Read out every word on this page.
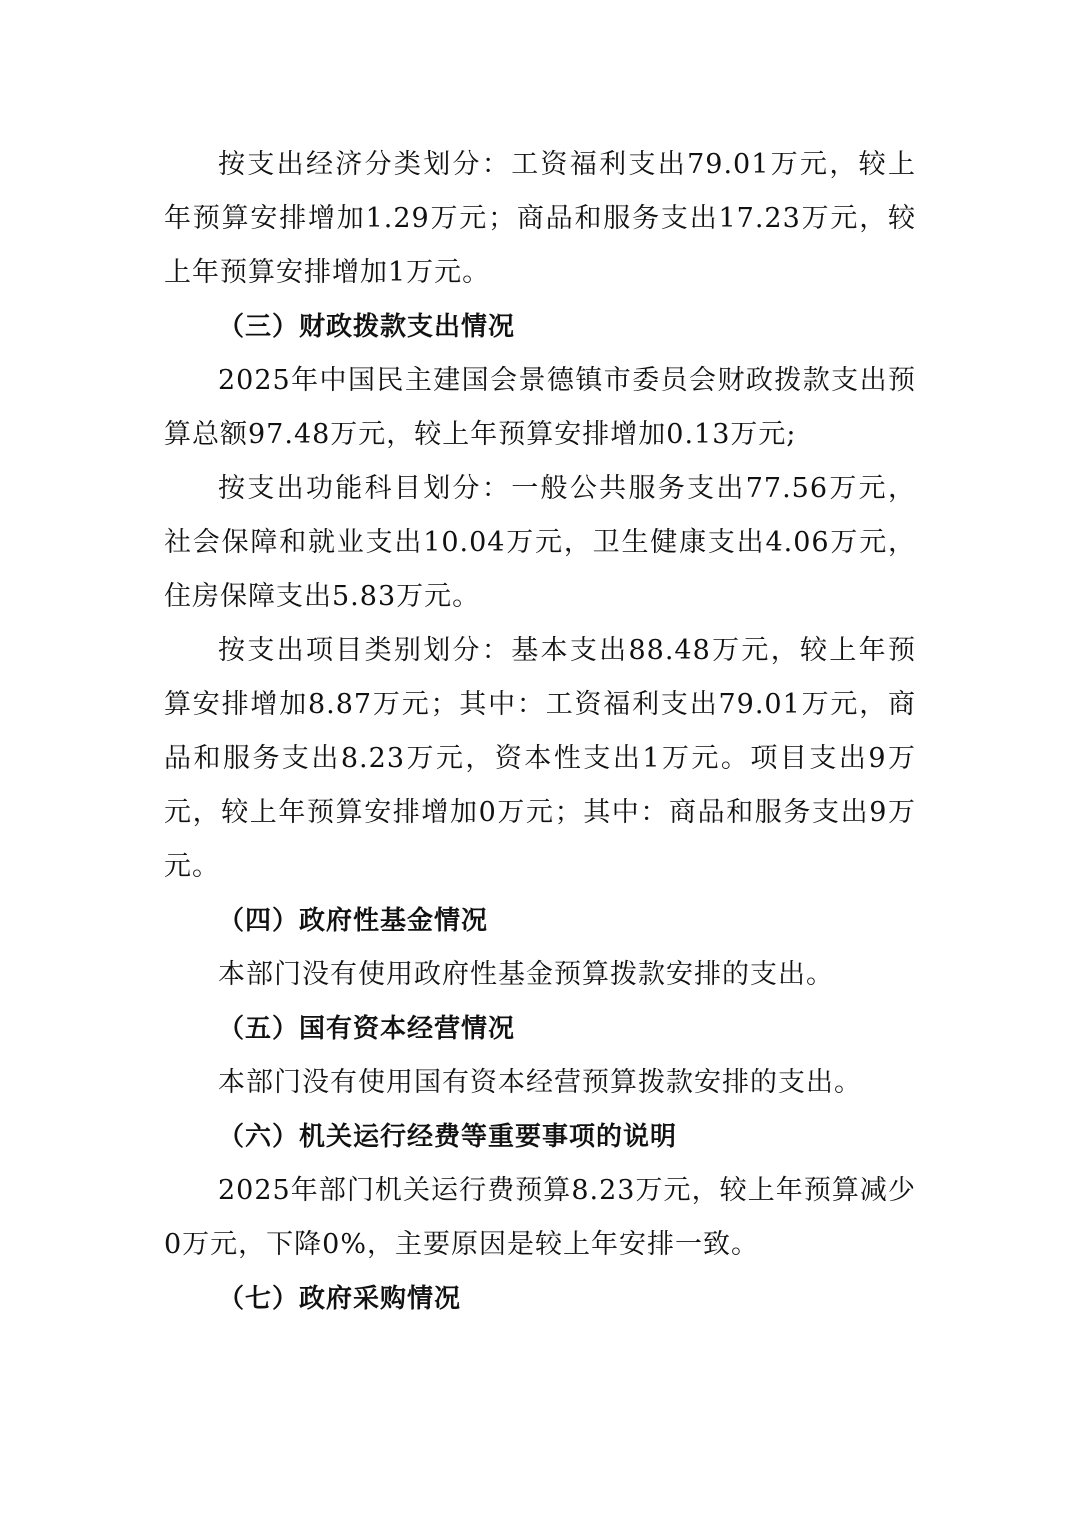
按支出经济分类划分：工资福利支出79.01万元，较上年预算安排增加1.29万元；商品和服务支出17.23万元，较上年预算安排增加1万元。

（三）财政拨款支出情况

2025年中国民主建国会景德镇市委员会财政拨款支出预算总额97.48万元，较上年预算安排增加0.13万元;

按支出功能科目划分：一般公共服务支出77.56万元，社会保障和就业支出10.04万元，卫生健康支出4.06万元，住房保障支出5.83万元。

按支出项目类别划分：基本支出88.48万元，较上年预算安排增加8.87万元；其中：工资福利支出79.01万元，商品和服务支出8.23万元，资本性支出1万元。项目支出9万元，较上年预算安排增加0万元；其中：商品和服务支出9万元。

（四）政府性基金情况

本部门没有使用政府性基金预算拨款安排的支出。

（五）国有资本经营情况

本部门没有使用国有资本经营预算拨款安排的支出。

（六）机关运行经费等重要事项的说明

2025年部门机关运行费预算8.23万元，较上年预算减少0万元，下降0%，主要原因是较上年安排一致。

（七）政府采购情况
